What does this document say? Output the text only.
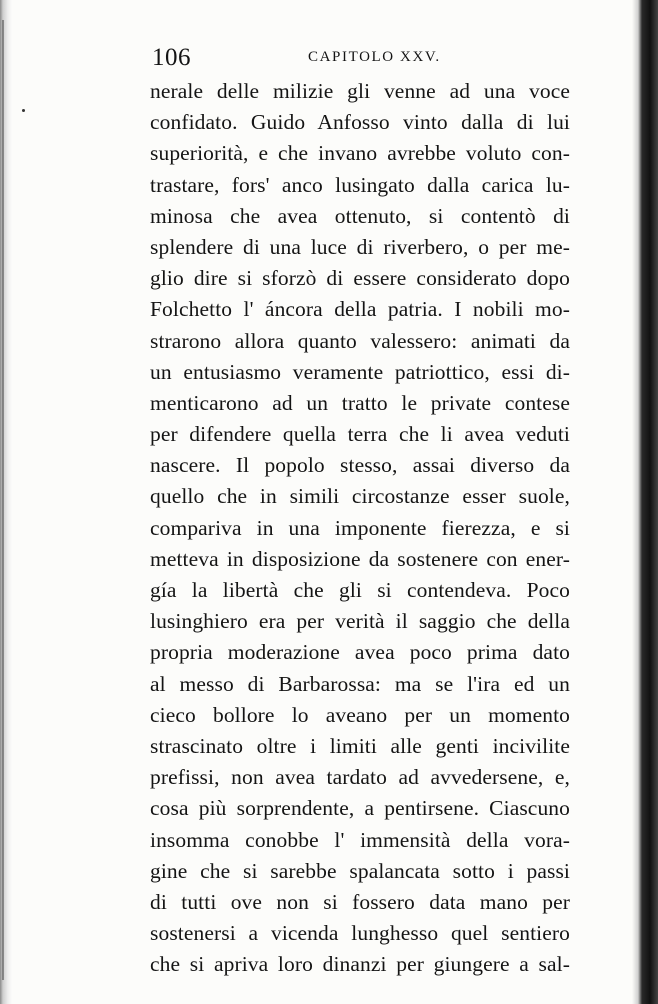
106	CAPITOLO XXV.
nerale delle milizie gli venne ad una voce
confidato. Guido Anfosso vinto dalla di lui
superiorità, e che invano avrebbe voluto con-
trastare, fors' anco lusingato dalla carica lu-
minosa che avea ottenuto, si contentò di
splendere di una luce di riverbero, o per me-
glio dire si sforzò di essere considerato dopo
Folchetto l' áncora della patria. I nobili mo-
strarono allora quanto valessero: animati da
un entusiasmo veramente patriottico, essi di-
menticarono ad un tratto le private contese
per difendere quella terra che li avea veduti
nascere. Il popolo stesso, assai diverso da
quello che in simili circostanze esser suole,
compariva in una imponente fierezza, e si
metteva in disposizione da sostenere con ener-
gía la libertà che gli si contendeva. Poco
lusinghiero era per verità il saggio che della
propria moderazione avea poco prima dato
al messo di Barbarossa: ma se l'ira ed un
cieco bollore lo aveano per un momento
strascinato oltre i limiti alle genti incivilite
prefissi, non avea tardato ad avvedersene, e,
cosa più sorprendente, a pentirsene. Ciascuno
insomma conobbe l' immensità della vora-
gine che si sarebbe spalancata sotto i passi
di tutti ove non si fossero data mano per
sostenersi a vicenda lunghesso quel sentiero
che si apriva loro dinanzi per giungere a sal-
